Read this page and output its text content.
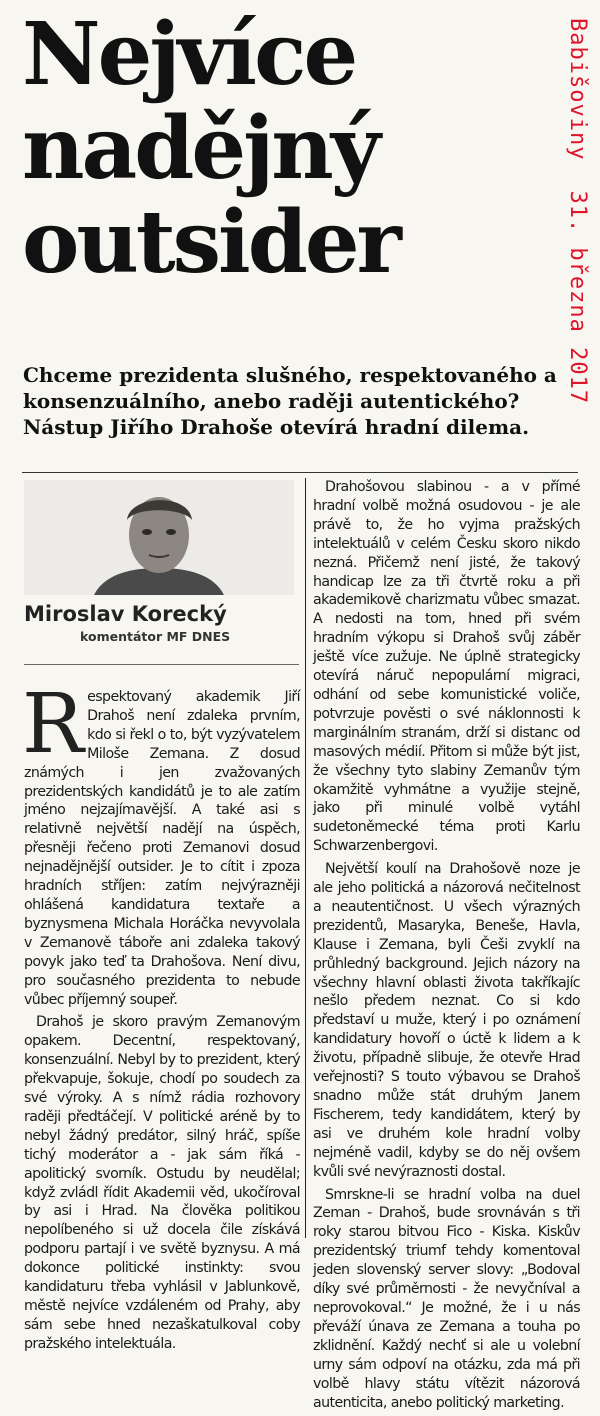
Nejvíce
nadějný
outsider
Babišoviny31. března 2017

Chceme prezidenta slušného, respektovaného a konsenzuálního, anebo raději autentického? Nástup Jiřího Drahoše otevírá hradní dilema.

Miroslav Korecký
komentátor MF DNES

Respektovaný akademik Jiří Drahoš není zdaleka prvním, kdo si řekl o to, být vyzývatelem Miloše Zemana. Z dosud známých i jen zvažovaných prezidentských kandidátů je to ale zatím jméno nejzajímavější. A také asi s relativně největší nadějí na úspěch, přesněji řečeno proti Zemanovi dosud nejnadějnější outsider. Je to cítit i zpoza hradních stříjen: zatím nejvýrazněji ohlášená kandidatura textaře a byznysmena Michala Horáčka nevyvolala v Zemanově táboře ani zdaleka takový povyk jako teď ta Drahošova. Není divu, pro současného prezidenta to nebude vůbec příjemný soupeř.

Drahoš je skoro pravým Zemanovým opakem. Decentní, respektovaný, konsenzuální. Nebyl by to prezident, který překvapuje, šokuje, chodí po soudech za své výroky. A s nímž rádia rozhovory raději předtáčejí. V politické aréně by to nebyl žádný predátor, silný hráč, spíše tichý moderátor a - jak sám říká - apolitický svorník. Ostudu by neudělal; když zvládl řídit Akademii věd, ukočíroval by asi i Hrad. Na člověka politikou nepolíbeného si už docela čile získává podporu partají i ve světě byznysu. A má dokonce politické instinkty: svou kandidaturu třeba vyhlásil v Jablunkově, městě nejvíce vzdáleném od Prahy, aby sám sebe hned nezaškatulkoval coby pražského intelektuála.

Drahošovou slabinou - a v přímé hradní volbě možná osudovou - je ale právě to, že ho vyjma pražských intelektuálů v celém Česku skoro nikdo nezná. Přičemž není jisté, že takový handicap lze za tři čtvrtě roku a při akademikově charizmatu vůbec smazat. A nedosti na tom, hned při svém hradním výkopu si Drahoš svůj záběr ještě více zužuje. Ne úplně strategicky otevírá náruč nepopulární migraci, odhání od sebe komunistické voliče, potvrzuje pověsti o své náklonnosti k marginálním stranám, drží si distanc od masových médií. Přitom si může být jist, že všechny tyto slabiny Zemanův tým okamžitě vyhmátne a využije stejně, jako při minulé volbě vytáhl sudetoněmecké téma proti Karlu Schwarzenbergovi.

Největší koulí na Drahošově noze je ale jeho politická a názorová nečitelnost a neautentičnost. U všech výrazných prezidentů, Masaryka, Beneše, Havla, Klause i Zemana, byli Češi zvyklí na průhledný background. Jejich názory na všechny hlavní oblasti života takříkajíc nešlo předem neznat. Co si kdo představí u muže, který i po oznámení kandidatury hovoří o úctě k lidem a k životu, případně slibuje, že otevře Hrad veřejnosti? S touto výbavou se Drahoš snadno může stát druhým Janem Fischerem, tedy kandidátem, který by asi ve druhém kole hradní volby nejméně vadil, kdyby se do něj ovšem kvůli své nevýraznosti dostal.

Smrskne-li se hradní volba na duel Zeman - Drahoš, bude srovnáván s tři roky starou bitvou Fico - Kiska. Kiskův prezidentský triumf tehdy komentoval jeden slovenský server slovy: „Bodoval díky své průměrnosti - že nevyčníval a neprovokoval.“ Je možné, že i u nás převáží únava ze Zemana a touha po zklidnění. Každý nechť si ale u volební urny sám odpoví na otázku, zda má při volbě hlavy státu vítězit názorová autenticita, anebo politický marketing.
